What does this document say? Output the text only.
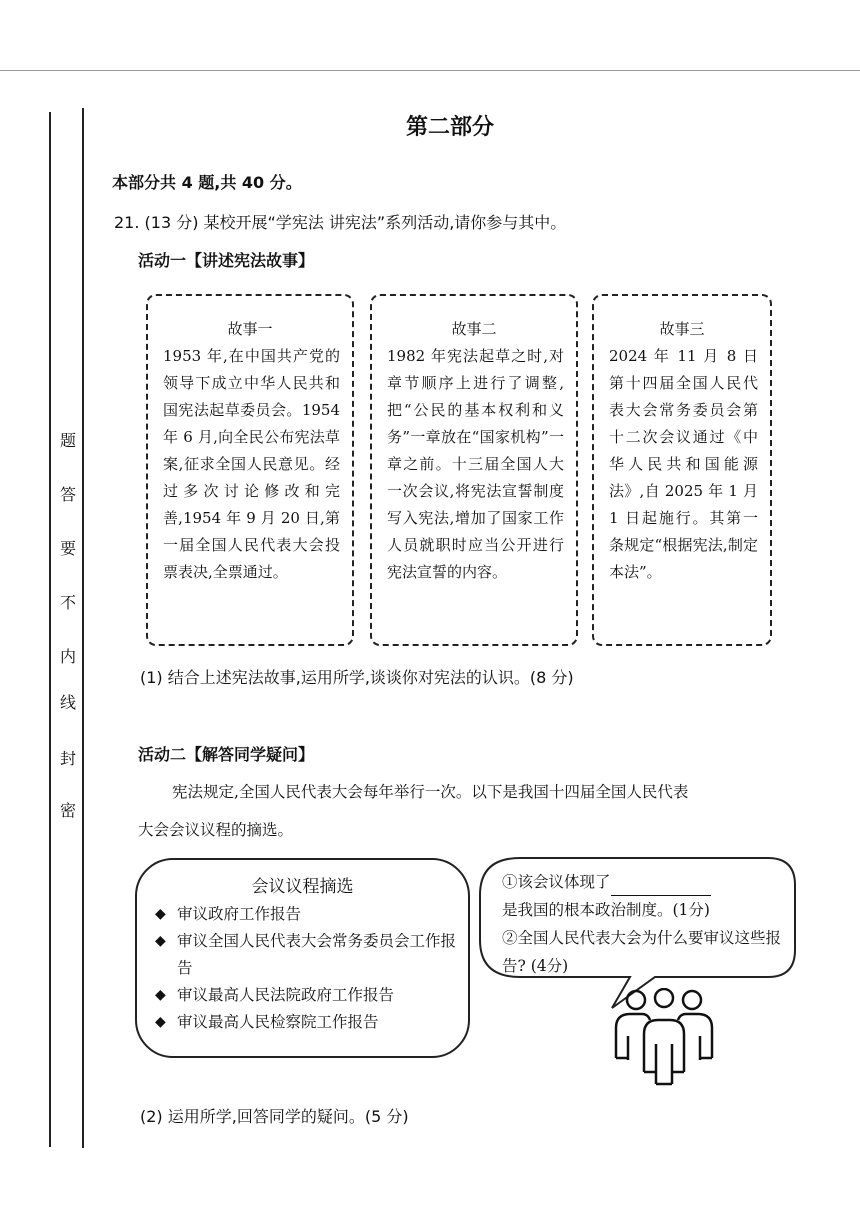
题
答
要
不
内
线
封
密
第二部分
本部分共 4 题,共 40 分。
21. (13 分) 某校开展“学宪法 讲宪法”系列活动,请你参与其中。
活动一【讲述宪法故事】
故事一
1953 年,在中国共产党的领导下成立中华人民共和国宪法起草委员会。1954 年 6 月,向全民公布宪法草案,征求全国人民意见。经过多次讨论修改和完善,1954 年 9 月 20 日,第一届全国人民代表大会投票表决,全票通过。
故事二
1982 年宪法起草之时,对章节顺序上进行了调整,把“公民的基本权利和义务”一章放在“国家机构”一章之前。十三届全国人大一次会议,将宪法宣誓制度写入宪法,增加了国家工作人员就职时应当公开进行宪法宣誓的内容。
故事三
2024 年 11 月 8 日第十四届全国人民代表大会常务委员会第十二次会议通过《中华人民共和国能源法》,自 2025 年 1 月 1 日起施行。其第一条规定“根据宪法,制定本法”。
(1) 结合上述宪法故事,运用所学,谈谈你对宪法的认识。(8 分)
活动二【解答同学疑问】
宪法规定,全国人民代表大会每年举行一次。以下是我国十四届全国人民代表
大会会议议程的摘选。
会议议程摘选
◆ 审议政府工作报告
◆ 审议全国人民代表大会常务委员会工作报告
◆ 审议最高人民法院政府工作报告
◆ 审议最高人民检察院工作报告
①该会议体现了
是我国的根本政治制度。(1分)
②全国人民代表大会为什么要审议这些报告? (4分)
(2) 运用所学,回答同学的疑问。(5 分)
